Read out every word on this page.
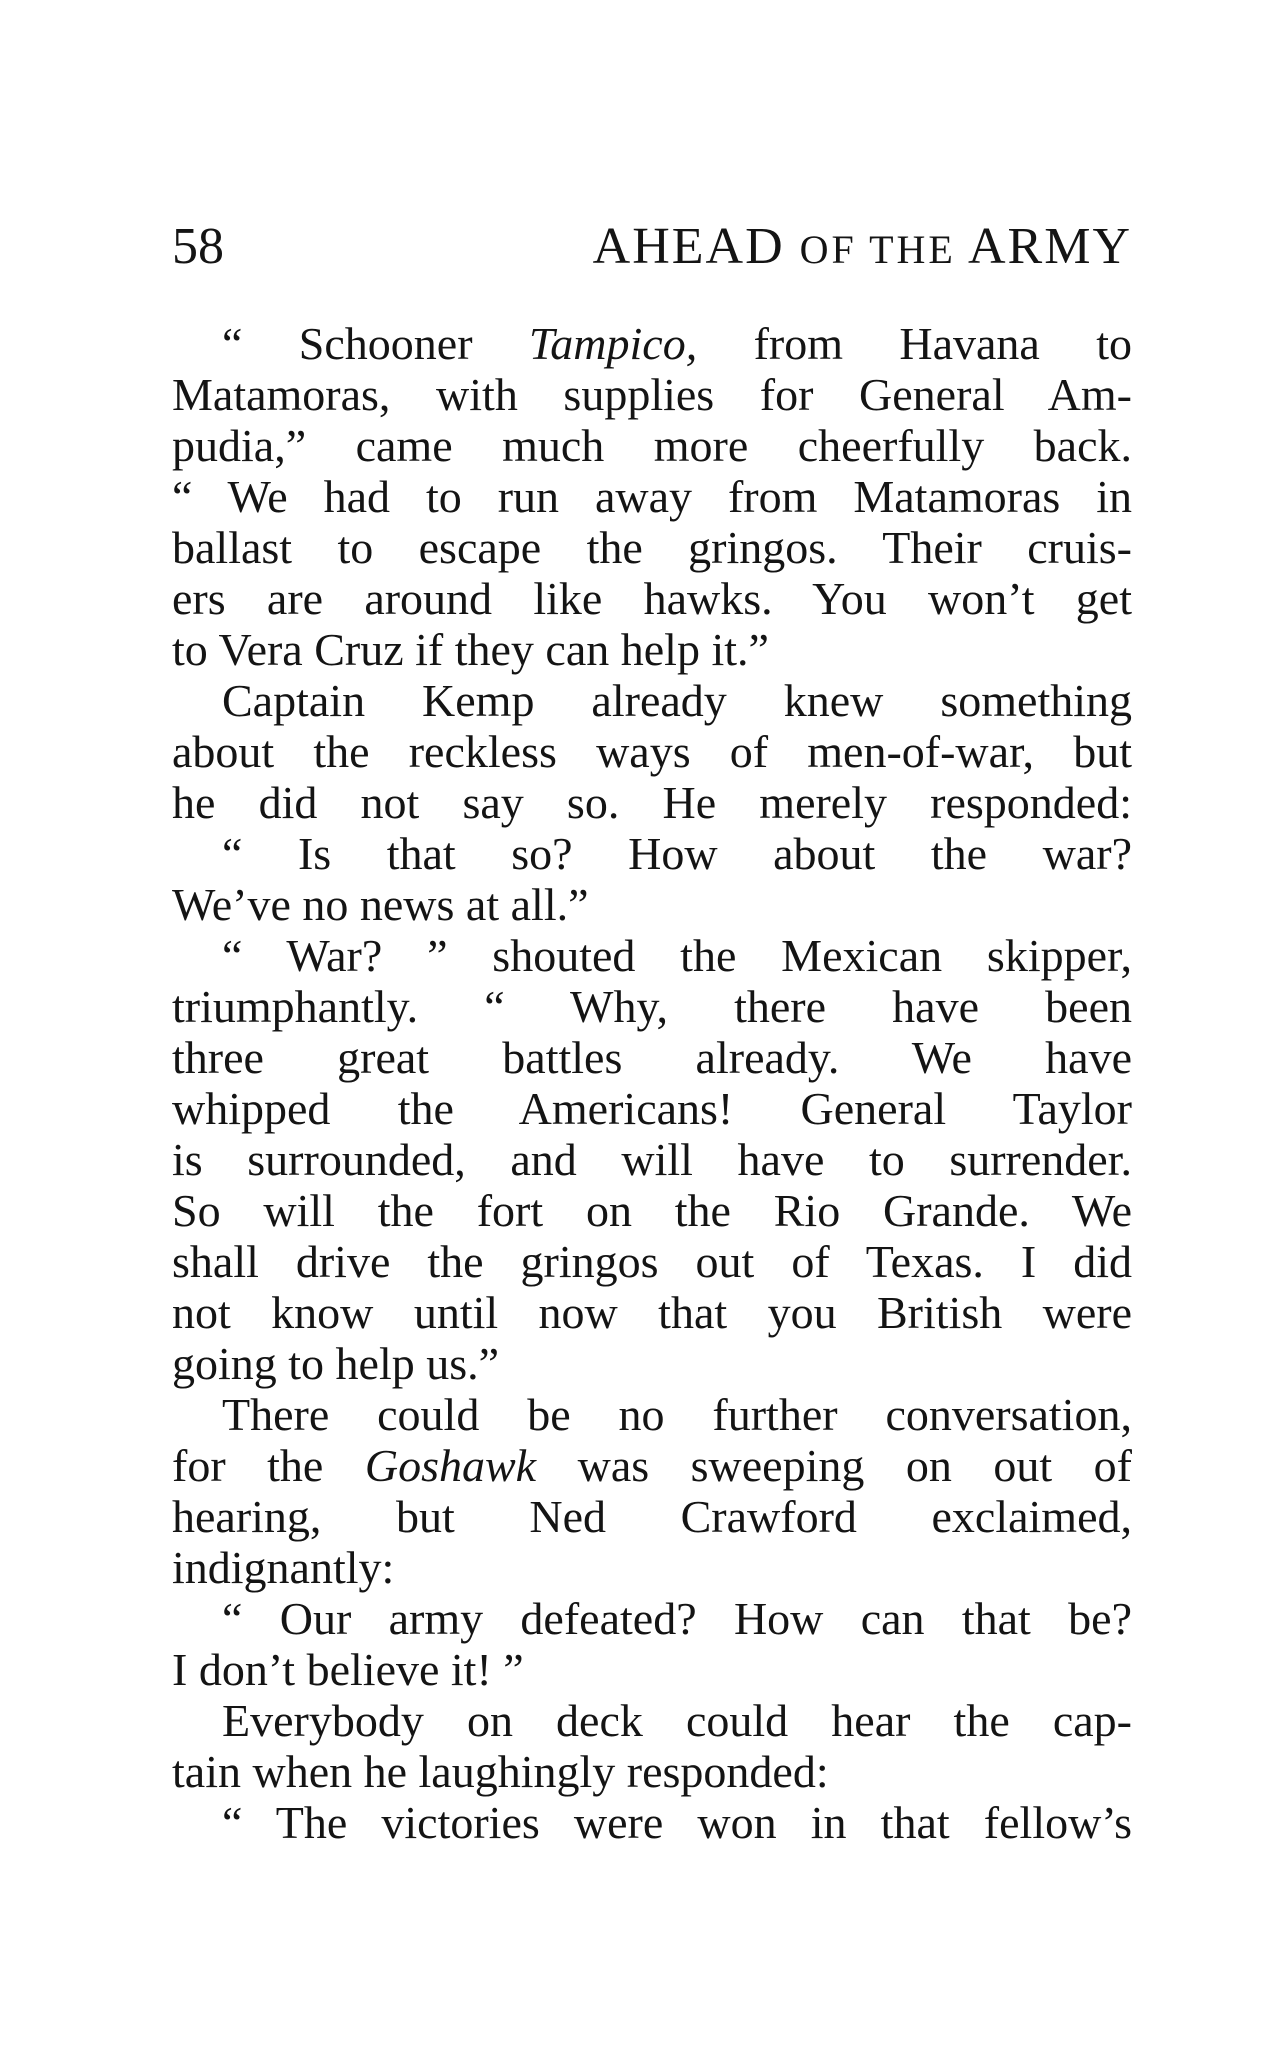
58	AHEAD OF THE ARMY
“ Schooner Tampico, from Havana to
Matamoras, with supplies for General Am-
pudia,” came much more cheerfully back.
“ We had to run away from Matamoras in
ballast to escape the gringos. Their cruis-
ers are around like hawks. You won’t get
to Vera Cruz if they can help it.”
Captain Kemp already knew something
about the reckless ways of men-of-war, but
he did not say so. He merely responded:
“ Is that so? How about the war?
We’ve no news at all.”
“ War? ” shouted the Mexican skipper,
triumphantly. “ Why, there have been
three great battles already. We have
whipped the Americans! General Taylor
is surrounded, and will have to surrender.
So will the fort on the Rio Grande. We
shall drive the gringos out of Texas. I did
not know until now that you British were
going to help us.”
There could be no further conversation,
for the Goshawk was sweeping on out of
hearing, but Ned Crawford exclaimed,
indignantly:
“ Our army defeated? How can that be?
I don’t believe it! ”
Everybody on deck could hear the cap-
tain when he laughingly responded:
“ The victories were won in that fellow’s
